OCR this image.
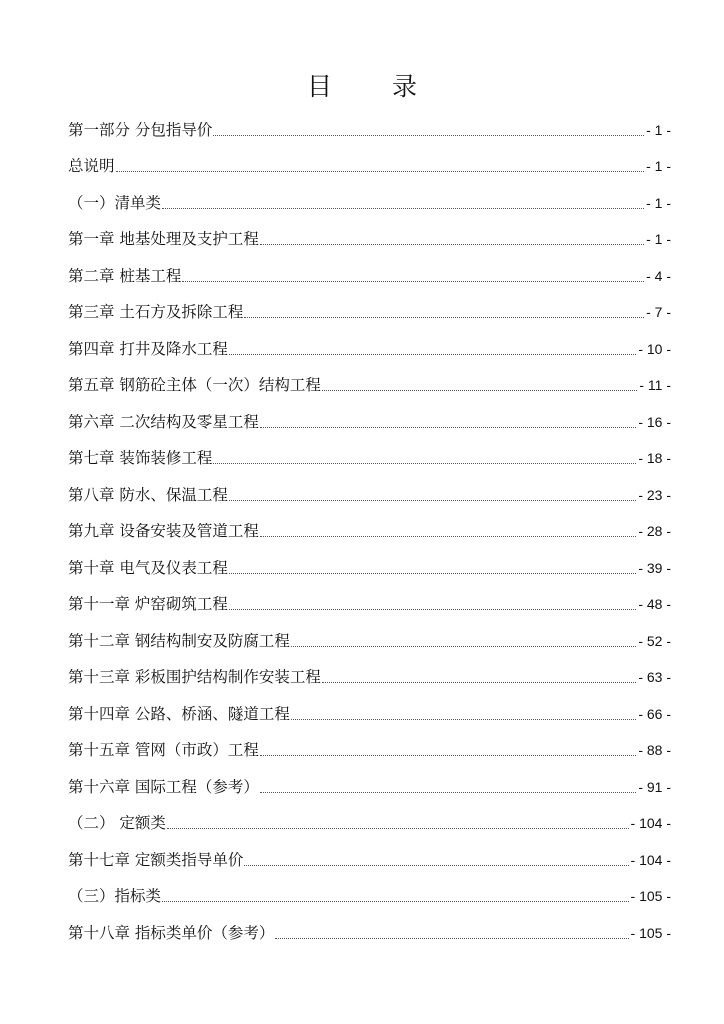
目 录
第一部分 分包指导价	- 1 -
总说明	- 1 -
（一）清单类	- 1 -
第一章 地基处理及支护工程	- 1 -
第二章 桩基工程	- 4 -
第三章 土石方及拆除工程	- 7 -
第四章 打井及降水工程	- 10 -
第五章 钢筋砼主体（一次）结构工程	- 11 -
第六章 二次结构及零星工程	- 16 -
第七章 装饰装修工程	- 18 -
第八章 防水、保温工程	- 23 -
第九章 设备安装及管道工程	- 28 -
第十章 电气及仪表工程	- 39 -
第十一章 炉窑砌筑工程	- 48 -
第十二章 钢结构制安及防腐工程	- 52 -
第十三章 彩板围护结构制作安装工程	- 63 -
第十四章 公路、桥涵、隧道工程	- 66 -
第十五章 管网（市政）工程	- 88 -
第十六章 国际工程（参考）	- 91 -
（二） 定额类	- 104 -
第十七章 定额类指导单价	- 104 -
（三）指标类	- 105 -
第十八章 指标类单价（参考）	- 105 -
